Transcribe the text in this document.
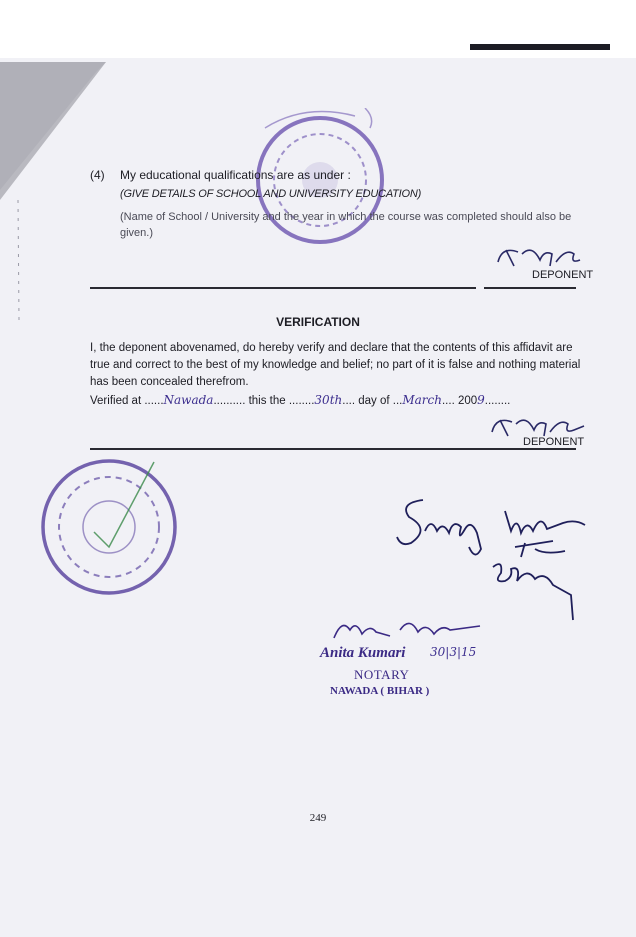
(4) My educational qualifications are as under :
(GIVE DETAILS OF SCHOOL AND UNIVERSITY EDUCATION)
(Name of School / University and the year in which the course was completed should also be given.)
DEPONENT
VERIFICATION
I, the deponent abovenamed, do hereby verify and declare that the contents of this affidavit are true and correct to the best of my knowledge and belief; no part of it is false and nothing material has been concealed therefrom.
Verified at ......Nawada.......... this the ........30th.... day of ...March.... 2009........
DEPONENT
Anita Kumari 30|3|15
NOTARY
NAWADA ( BIHAR )
249
